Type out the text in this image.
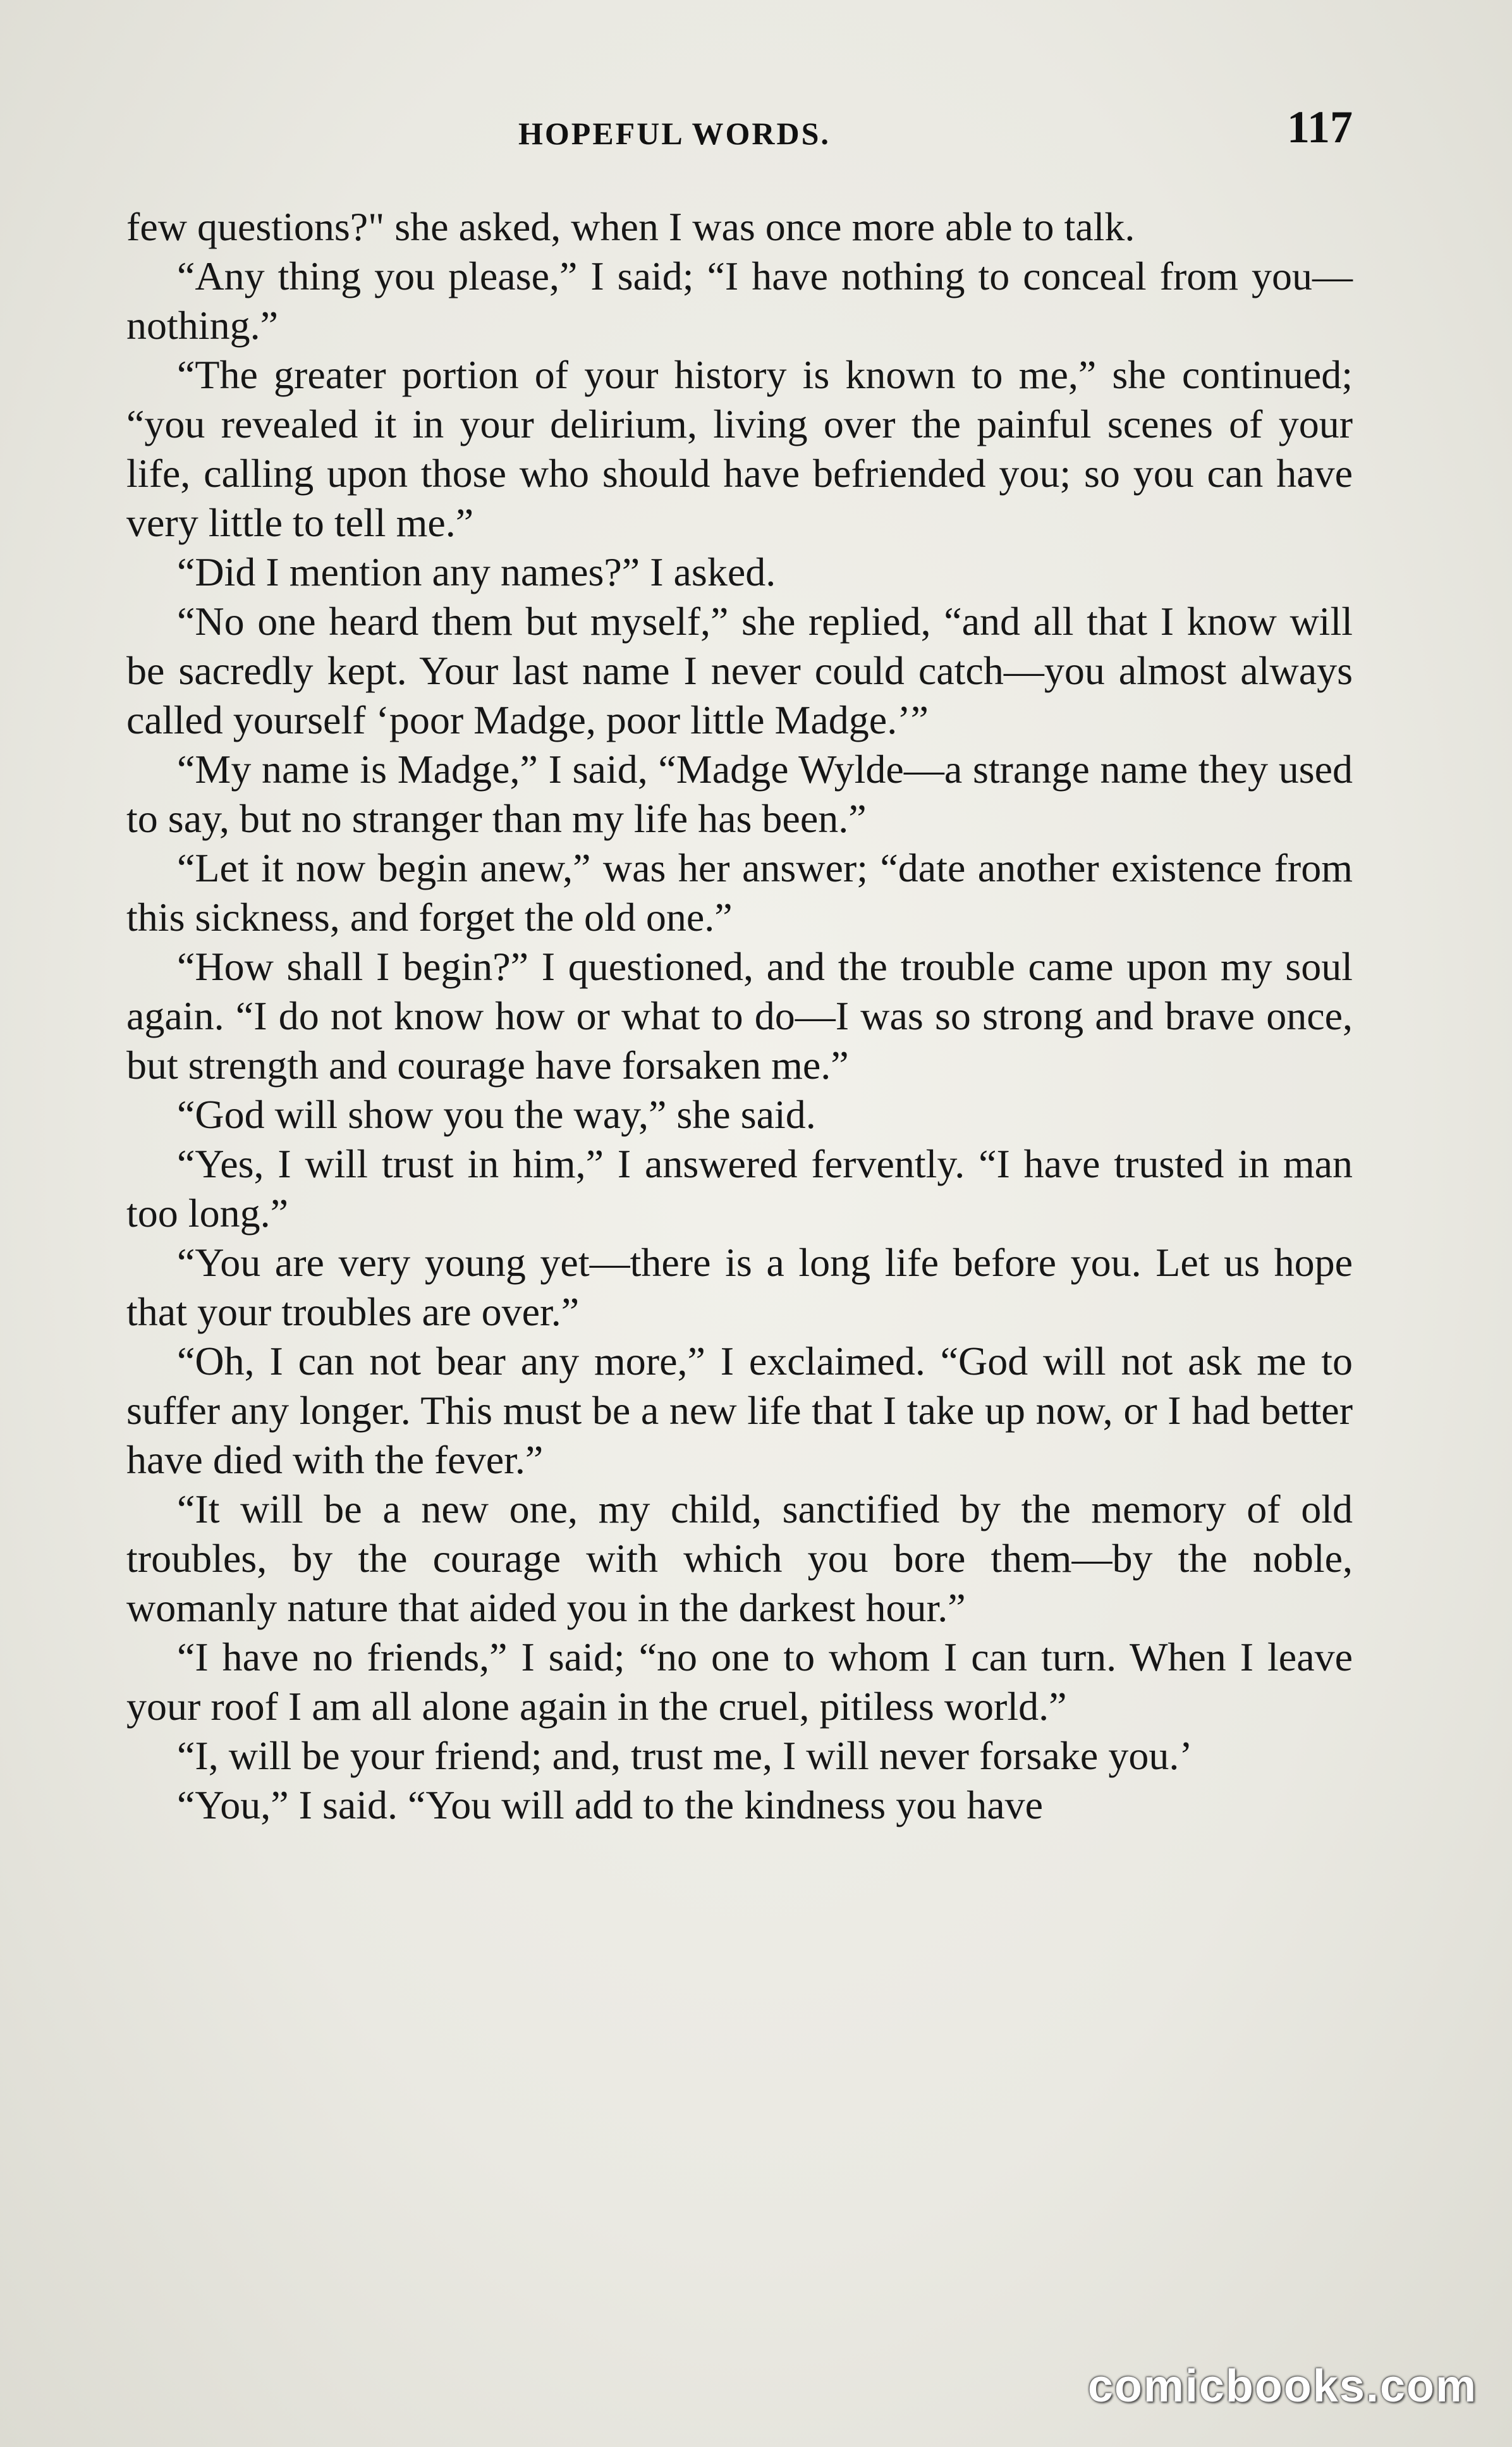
HOPEFUL WORDS.	117

few questions?" she asked, when I was once more able to talk.

“Any thing you please,” I said; “I have nothing to conceal from you—nothing.”

“The greater portion of your history is known to me,” she continued; “you revealed it in your delirium, living over the painful scenes of your life, calling upon those who should have befriended you; so you can have very little to tell me.”

“Did I mention any names?” I asked.

“No one heard them but myself,” she replied, “and all that I know will be sacredly kept. Your last name I never could catch—you almost always called yourself ‘poor Madge, poor little Madge.’”

“My name is Madge,” I said, “Madge Wylde—a strange name they used to say, but no stranger than my life has been.”

“Let it now begin anew,” was her answer; “date another existence from this sickness, and forget the old one.”

“How shall I begin?” I questioned, and the trouble came upon my soul again. “I do not know how or what to do—I was so strong and brave once, but strength and courage have forsaken me.”

“God will show you the way,” she said.

“Yes, I will trust in him,” I answered fervently. “I have trusted in man too long.”

“You are very young yet—there is a long life before you. Let us hope that your troubles are over.”

“Oh, I can not bear any more,” I exclaimed. “God will not ask me to suffer any longer. This must be a new life that I take up now, or I had better have died with the fever.”

“It will be a new one, my child, sanctified by the memory of old troubles, by the courage with which you bore them—by the noble, womanly nature that aided you in the darkest hour.”

“I have no friends,” I said; “no one to whom I can turn. When I leave your roof I am all alone again in the cruel, pitiless world.”

“I, will be your friend; and, trust me, I will never forsake you.’

“You,” I said. “You will add to the kindness you have

comicbooks.com
